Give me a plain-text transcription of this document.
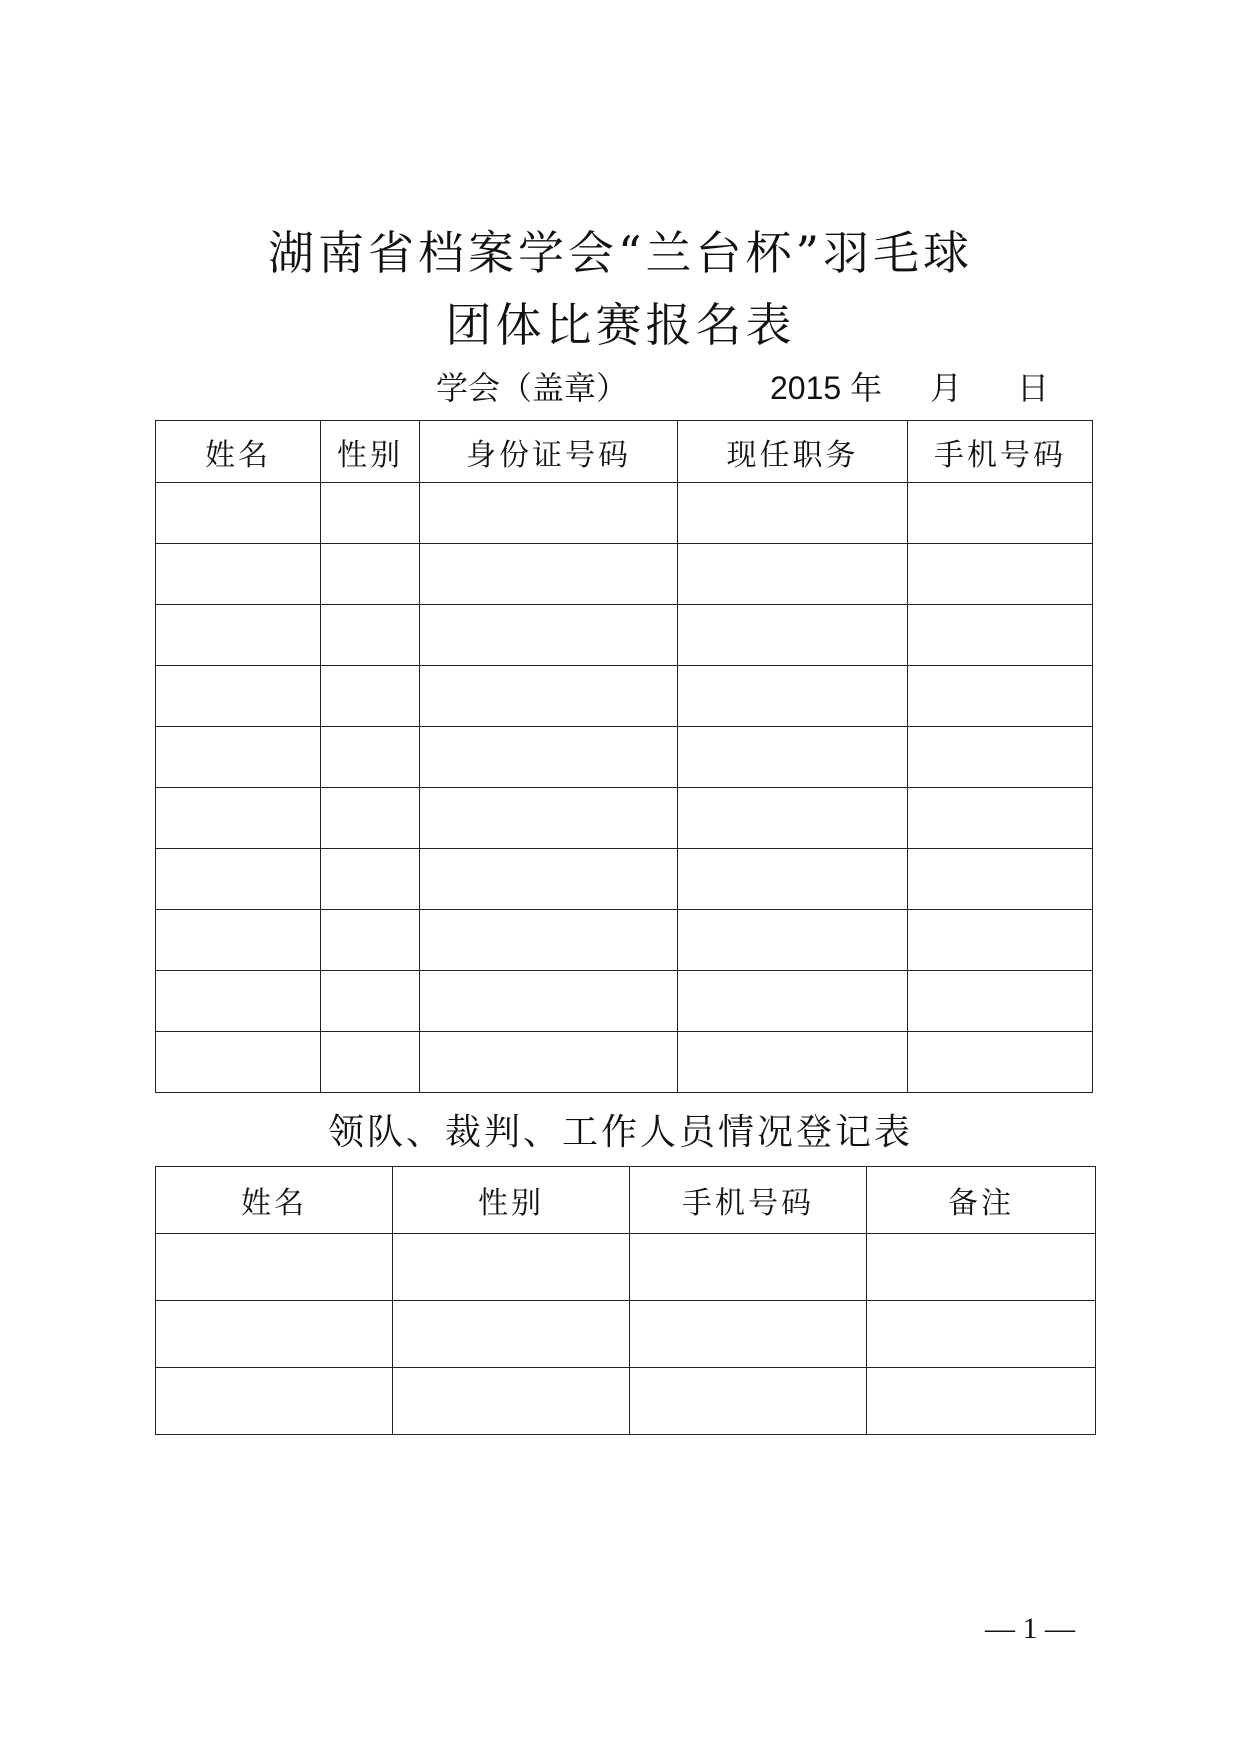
湖南省档案学会“兰台杯”羽毛球
团体比赛报名表
学会（盖章）	2015 年 月 日
姓名	性别	身份证号码	现任职务	手机号码

领队、裁判、工作人员情况登记表
姓名	性别	手机号码	备注

— 1 —
